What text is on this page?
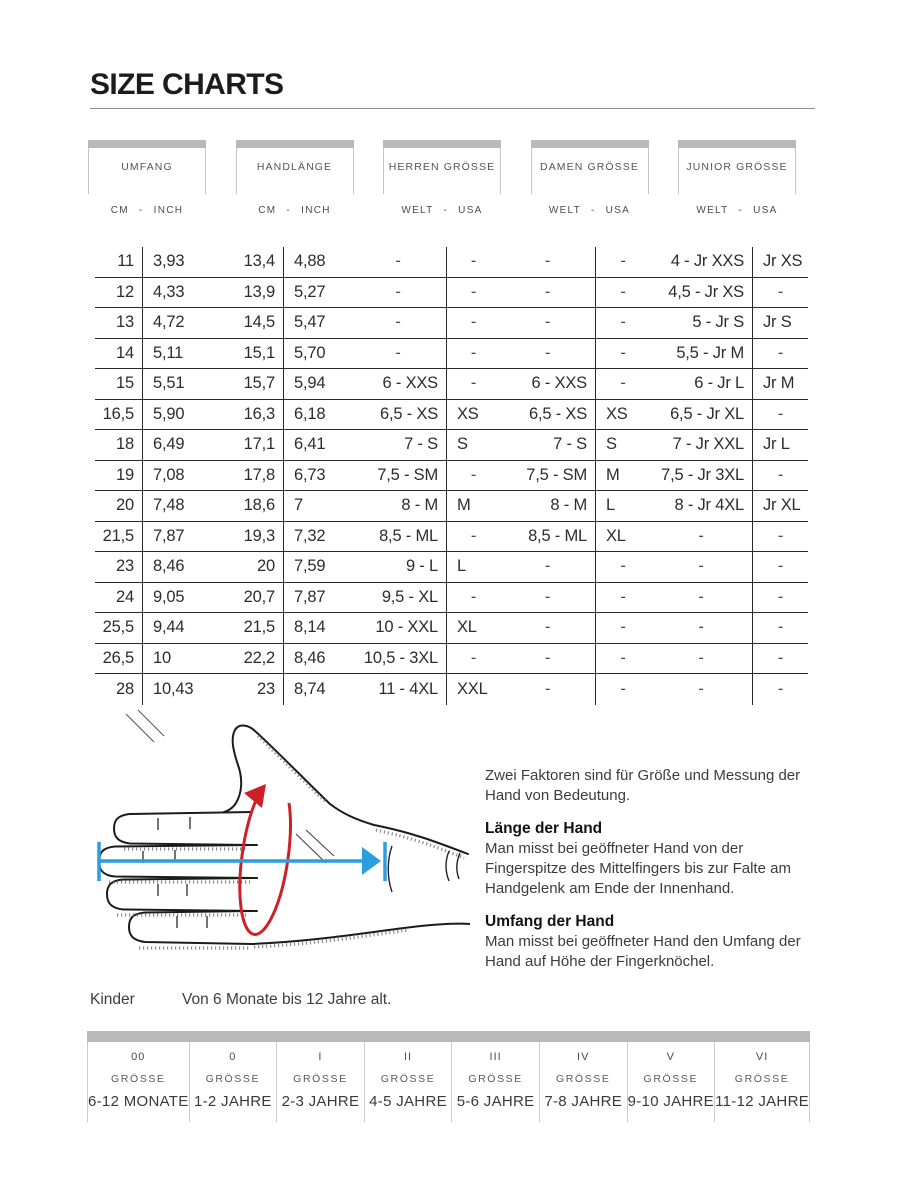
SIZE CHARTS
UMFANG	HANDLÄNGE	HERREN GRÖSSE	DAMEN GRÖSSE	JUNIOR GRÖSSE
CM - INCH	CM - INCH	WELT - USA	WELT - USA	WELT - USA
11	3,93	13,4	4,88	-	-	-	-	4 - Jr XXS	Jr XS
12	4,33	13,9	5,27	-	-	-	-	4,5 - Jr XS	-
13	4,72	14,5	5,47	-	-	-	-	5 - Jr S	Jr S
14	5,11	15,1	5,70	-	-	-	-	5,5 - Jr M	-
15	5,51	15,7	5,94	6 - XXS	-	6 - XXS	-	6 - Jr L	Jr M
16,5	5,90	16,3	6,18	6,5 - XS	XS	6,5 - XS	XS	6,5 - Jr XL	-
18	6,49	17,1	6,41	7 - S	S	7 - S	S	7 - Jr XXL	Jr L
19	7,08	17,8	6,73	7,5 - SM	-	7,5 - SM	M	7,5 - Jr 3XL	-
20	7,48	18,6	7	8 - M	M	8 - M	L	8 - Jr 4XL	Jr XL
21,5	7,87	19,3	7,32	8,5 - ML	-	8,5 - ML	XL	-	-
23	8,46	20	7,59	9 - L	L	-	-	-	-
24	9,05	20,7	7,87	9,5 - XL	-	-	-	-	-
25,5	9,44	21,5	8,14	10 - XXL	XL	-	-	-	-
26,5	10	22,2	8,46	10,5 - 3XL	-	-	-	-	-
28	10,43	23	8,74	11 - 4XL	XXL	-	-	-	-

Zwei Faktoren sind für Größe und Messung der Hand von Bedeutung.

Länge der Hand

Man misst bei geöffneter Hand von der Fingerspitze des Mittelfingers bis zur Falte am Handgelenk am Ende der Innenhand.

Umfang der Hand

Man misst bei geöffneter Hand den Umfang der Hand auf Höhe der Fingerknöchel.

Kinder	Von 6 Monate bis 12 Jahre alt.
00
GRÖSSE
6-12 MONATE
0
GRÖSSE
1-2 JAHRE
I
GRÖSSE
2-3 JAHRE
II
GRÖSSE
4-5 JAHRE
III
GRÖSSE
5-6 JAHRE
IV
GRÖSSE
7-8 JAHRE
V
GRÖSSE
9-10 JAHRE
VI
GRÖSSE
11-12 JAHRE
